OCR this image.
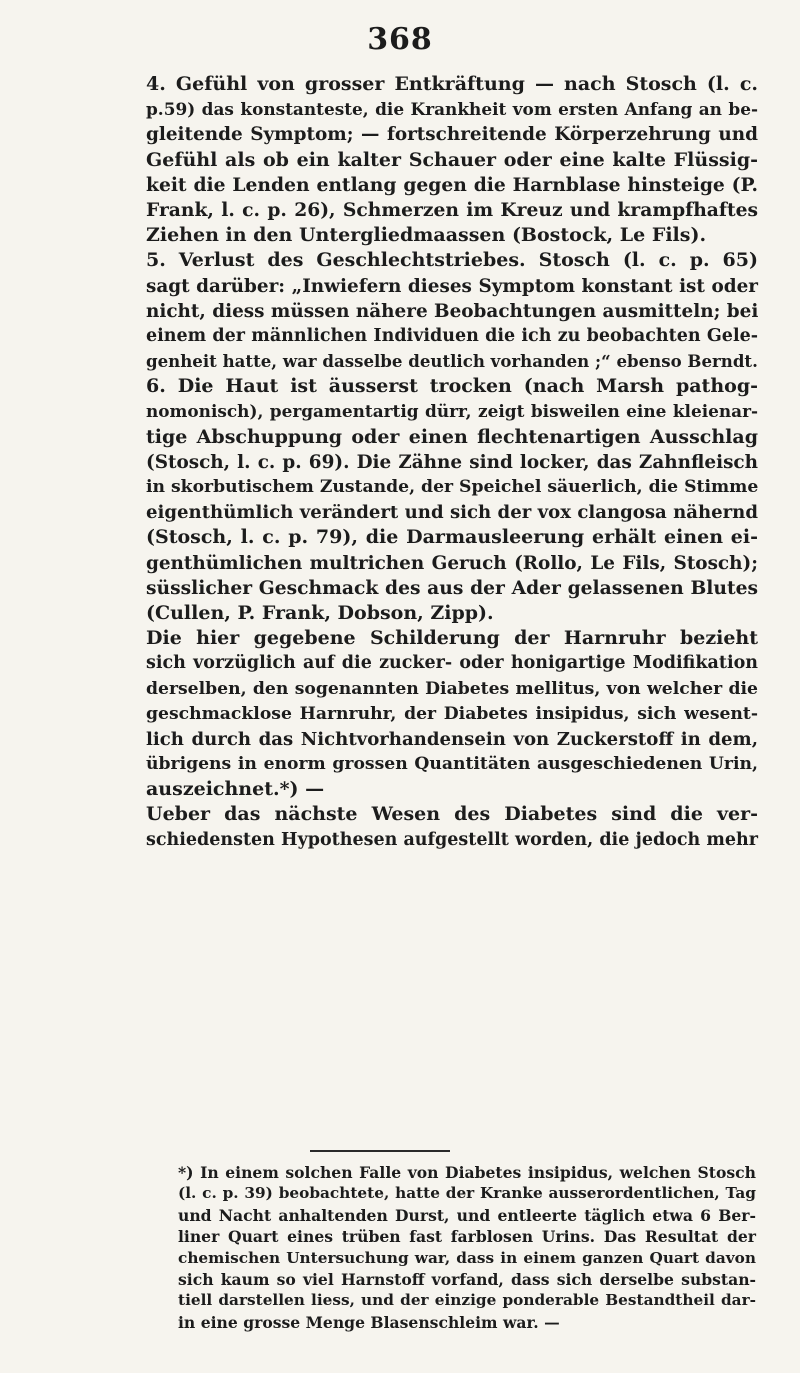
368
4. Gefühl von grosser Entkräftung — nach Stosch (l. c.
p.59) das konstanteste, die Krankheit vom ersten Anfang an be-
gleitende Symptom; — fortschreitende Körperzehrung und
Gefühl als ob ein kalter Schauer oder eine kalte Flüssig-
keit die Lenden entlang gegen die Harnblase hinsteige (P.
Frank, l. c. p. 26), Schmerzen im Kreuz und krampfhaftes
Ziehen in den Untergliedmaassen (Bostock, Le Fils).
5. Verlust des Geschlechtstriebes. Stosch (l. c. p. 65)
sagt darüber: „Inwiefern dieses Symptom konstant ist oder
nicht, diess müssen nähere Beobachtungen ausmitteln; bei
einem der männlichen Individuen die ich zu beobachten Gele-
genheit hatte, war dasselbe deutlich vorhanden ;“ ebenso Berndt.
6. Die Haut ist äusserst trocken (nach Marsh pathog-
nomonisch), pergamentartig dürr, zeigt bisweilen eine kleienar-
tige Abschuppung oder einen flechtenartigen Ausschlag
(Stosch, l. c. p. 69). Die Zähne sind locker, das Zahnfleisch
in skorbutischem Zustande, der Speichel säuerlich, die Stimme
eigenthümlich verändert und sich der vox clangosa nähernd
(Stosch, l. c. p. 79), die Darmausleerung erhält einen ei-
genthümlichen multrichen Geruch (Rollo, Le Fils, Stosch);
süsslicher Geschmack des aus der Ader gelassenen Blutes
(Cullen, P. Frank, Dobson, Zipp).
Die hier gegebene Schilderung der Harnruhr bezieht
sich vorzüglich auf die zucker- oder honigartige Modifikation
derselben, den sogenannten Diabetes mellitus, von welcher die
geschmacklose Harnruhr, der Diabetes insipidus, sich wesent-
lich durch das Nichtvorhandensein von Zuckerstoff in dem,
übrigens in enorm grossen Quantitäten ausgeschiedenen Urin,
auszeichnet.*) —
Ueber das nächste Wesen des Diabetes sind die ver-
schiedensten Hypothesen aufgestellt worden, die jedoch mehr
*) In einem solchen Falle von Diabetes insipidus, welchen Stosch
(l. c. p. 39) beobachtete, hatte der Kranke ausserordentlichen, Tag
und Nacht anhaltenden Durst, und entleerte täglich etwa 6 Ber-
liner Quart eines trüben fast farblosen Urins. Das Resultat der
chemischen Untersuchung war, dass in einem ganzen Quart davon
sich kaum so viel Harnstoff vorfand, dass sich derselbe substan-
tiell darstellen liess, und der einzige ponderable Bestandtheil dar-
in eine grosse Menge Blasenschleim war. —
